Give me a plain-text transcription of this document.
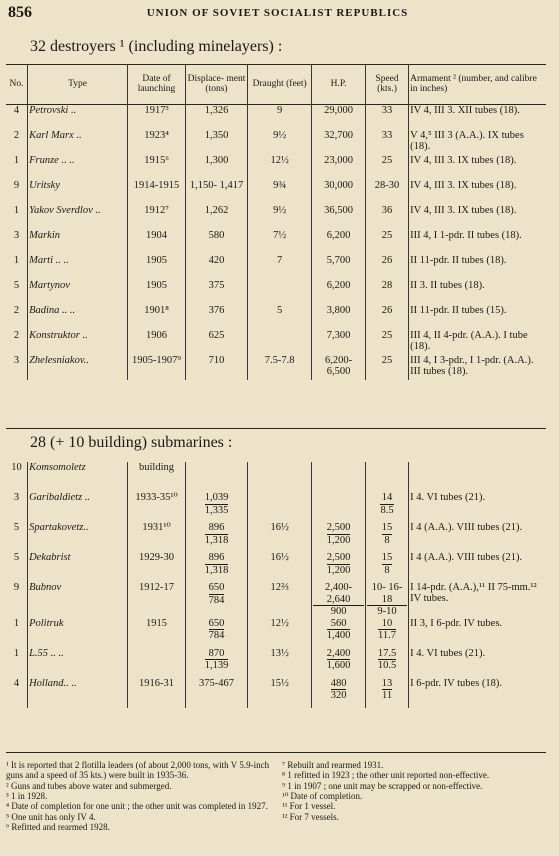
856	UNION OF SOVIET SOCIALIST REPUBLICS
32 destroyers ¹ (including minelayers) :
No.	Type	Date of launching	Displace- ment (tons)	Draught (feet)	H.P.	Speed (kts.)	Armament ² (number, and calibre in inches)
4	Petrovski ..	1917³	1,326	9	29,000	33	IV 4, III 3. XII tubes (18).
2	Karl Marx ..	1923⁴	1,350	9½	32,700	33	V 4,⁵ III 3 (A.A.). IX tubes (18).
1	Frunze .. ..	1915⁶	1,300	12½	23,000	25	IV 4, III 3. IX tubes (18).
9	Uritsky	1914-1915	1,150- 1,417	9¾	30,000	28-30	IV 4, III 3. IX tubes (18).
1	Yakov Sverdlov ..	1912⁷	1,262	9½	36,500	36	IV 4, III 3. IX tubes (18).
3	Markin	1904	580	7½	6,200	25	III 4, I 1-pdr. II tubes (18).
1	Marti .. ..	1905	420	7	5,700	26	II 11-pdr. II tubes (18).
5	Martynov	1905	375		6,200	28	II 3. II tubes (18).
2	Badina .. ..	1901⁸	376	5	3,800	26	II 11-pdr. II tubes (15).
2	Konstruktor ..	1906	625		7,300	25	III 4, II 4-pdr. (A.A.). I tube (18).
3	Zhelesniakov..	1905-1907⁹	710	7.5-7.8	6,200- 6,500	25	III 4, I 3-pdr., I 1-pdr. (A.A.). III tubes (18).
28 (+ 10 building) submarines :
10	Komsomoletz	building					
3	Garibaldietz ..	1933-35¹⁰	$\frac{1,039}{1,335}$			$\frac{14}{8.5}$	I 4. VI tubes (21).
5	Spartakovetz..	1931¹⁰	$\frac{896}{1,318}$	16½	$\frac{2,500}{1,200}$	$\frac{15}{8}$	I 4 (A.A.). VIII tubes (21).
5	Dekabrist	1929-30	$\frac{896}{1,318}$	16½	$\frac{2,500}{1,200}$	$\frac{15}{8}$	I 4 (A.A.). VIII tubes (21).
9	Bubnov	1912-17	$\frac{650}{784}$	12⅔	$\frac{2,400- 2,640}{900}$	$\frac{10- 16-18}{9-10}$	I 14-pdr. (A.A.),¹¹ II 75-mm.¹² IV tubes.
1	Politruk	1915	$\frac{650}{784}$	12½	$\frac{560}{1,400}$	$\frac{10}{11.7}$	II 3, I 6-pdr. IV tubes.
1	L.55 .. ..		$\frac{870}{1,139}$	13½	$\frac{2,400}{1,600}$	$\frac{17.5}{10.5}$	I 4. VI tubes (21).
4	Holland.. ..	1916-31	375-467	15½	$\frac{480}{320}$	$\frac{13}{11}$	I 6-pdr. IV tubes (18).
¹ It is reported that 2 flotilla leaders (of about 2,000 tons, with V 5.9-inch guns and a speed of 35 kts.) were built in 1935-36.
² Guns and tubes above water and submerged.
³ 1 in 1928.
⁴ Date of completion for one unit ; the other unit was completed in 1927.
⁵ One unit has only IV 4.
⁶ Refitted and rearmed 1928.
⁷ Rebuilt and rearmed 1931.
⁸ 1 refitted in 1923 ; the other unit reported non-effective.
⁹ 1 in 1907 ; one unit may be scrapped or non-effective.
¹⁰ Date of completion.
¹¹ For 1 vessel.
¹² For 7 vessels.
